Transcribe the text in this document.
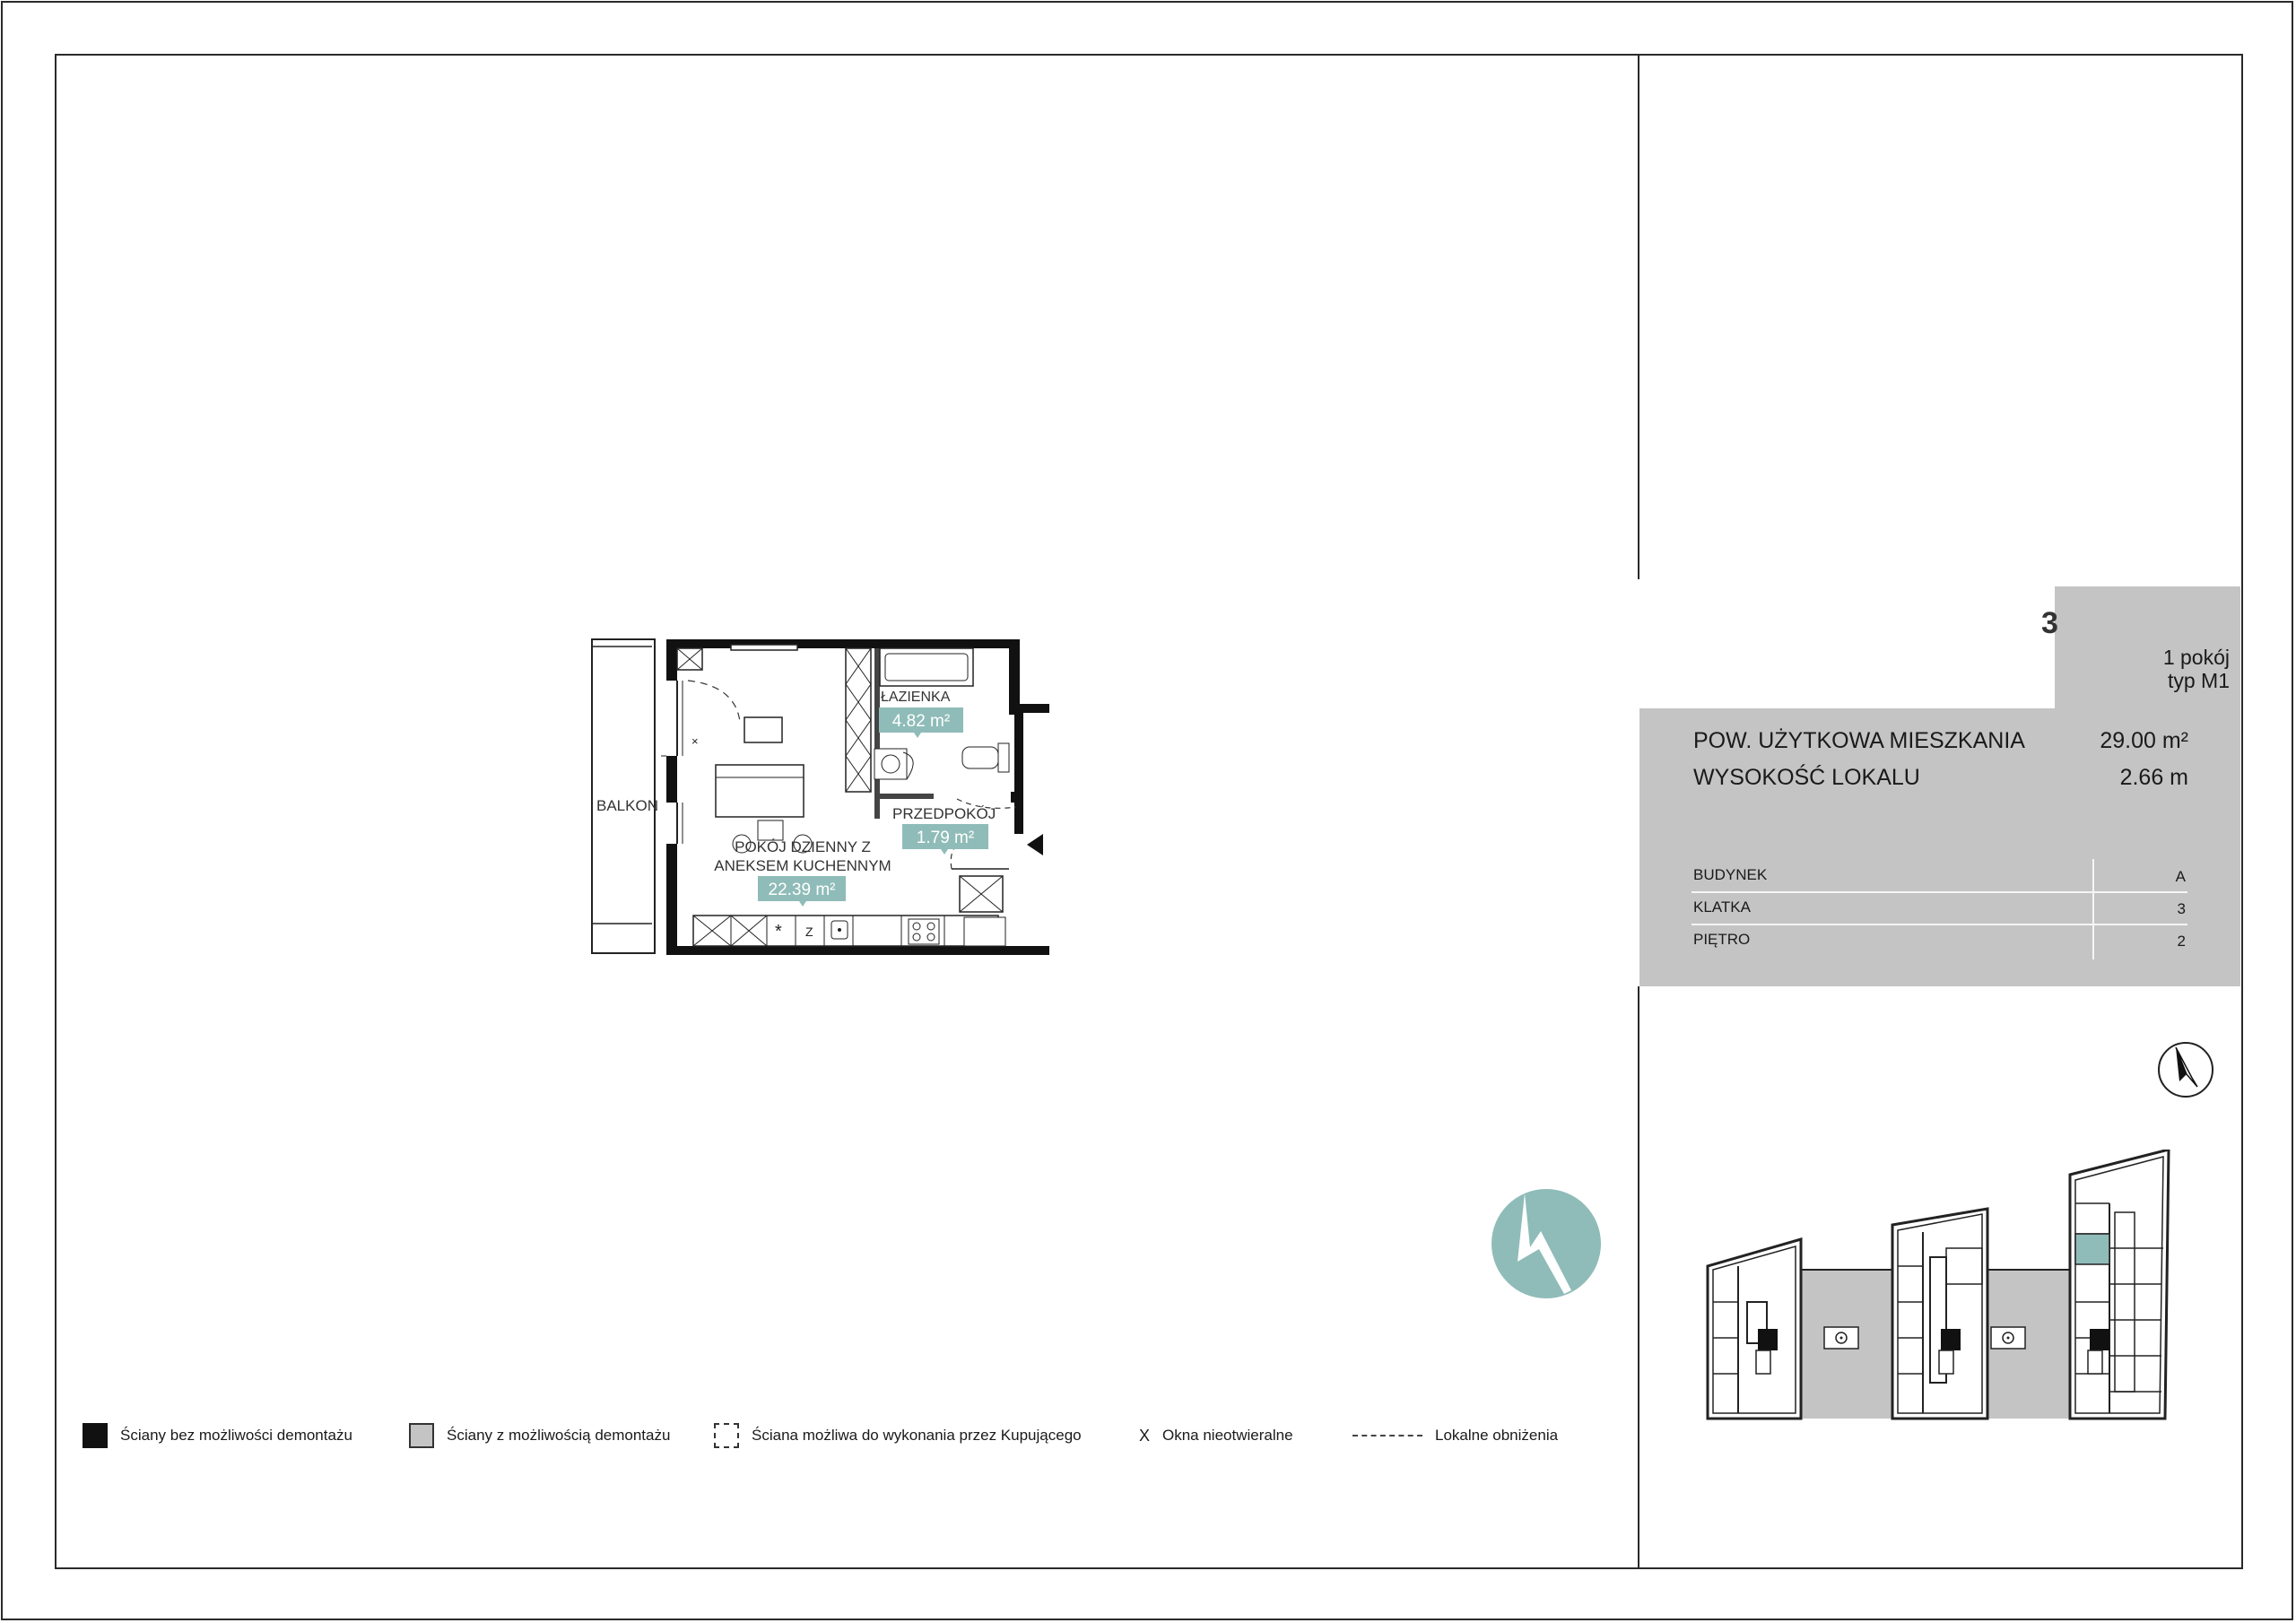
1 pokój
typ M1
3
POW. UŻYTKOWA MIESZKANIA	29.00 m²
WYSOKOŚĆ LOKALU	2.66 m
BUDYNEK	A
KLATKA	3
PIĘTRO	2
×
* Z
BALKON
ŁAZIENKA
4.82 m²
PRZEDPOKÓJ
1.79 m²
POKÓJ DZIENNY Z
ANEKSEM KUCHENNYM
22.39 m²
Ściany bez możliwości demontażu	Ściany z możliwością demontażu	Ściana możliwa do wykonania przez Kupującego	X Okna nieotwieralne	Lokalne obniżenia
